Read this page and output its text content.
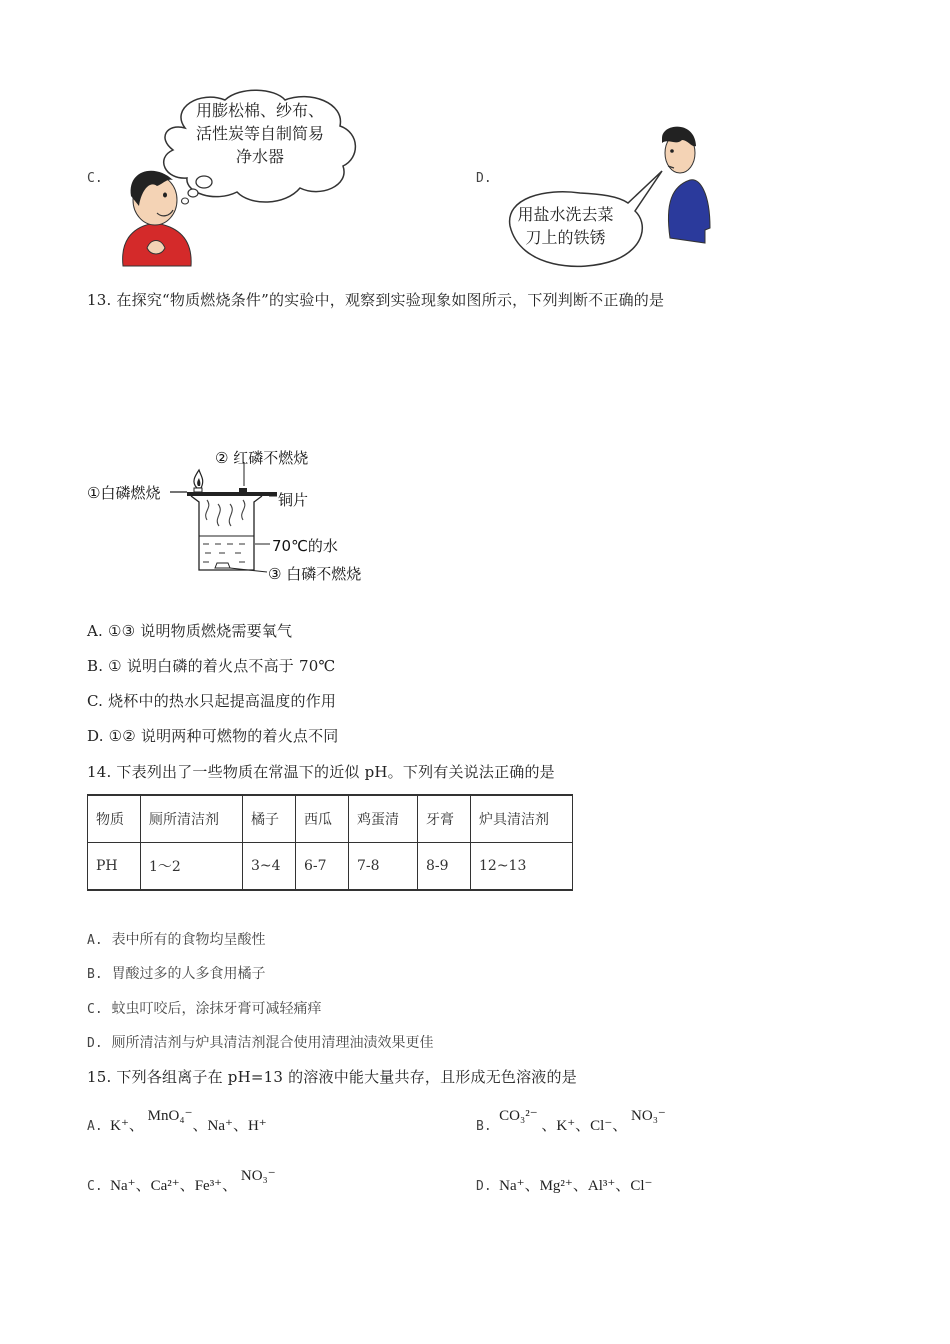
C.
用膨松棉、纱布、
活性炭等自制简易
净水器
D.
用盐水洗去菜
刀上的铁锈
13. 在探究“物质燃烧条件”的实验中，观察到实验现象如图所示，下列判断不正确的是
①白磷燃烧
② 红磷不燃烧
铜片
70℃的水
③ 白磷不燃烧
A. ①③ 说明物质燃烧需要氧气
B. ① 说明白磷的着火点不高于 70℃
C. 烧杯中的热水只起提高温度的作用
D. ①② 说明两种可燃物的着火点不同
14. 下表列出了一些物质在常温下的近似 pH。下列有关说法正确的是
物质	厕所清洁剂	橘子	西瓜	鸡蛋清	牙膏	炉具清洁剂
PH	1～2	3~4	6-7	7-8	8-9	12~13
A. 表中所有的食物均呈酸性
B. 胃酸过多的人多食用橘子
C. 蚊虫叮咬后，涂抹牙膏可减轻痛痒
D. 厕所清洁剂与炉具清洁剂混合使用清理油渍效果更佳
15. 下列各组离子在 pH=13 的溶液中能大量共存，且形成无色溶液的是
A. K⁺、 MnO₄⁻、Na⁺、H⁺	B.  CO₃²⁻ 、K⁺、Cl⁻、 NO₃⁻
C. Na⁺、Ca²⁺、Fe³⁺、 NO₃⁻
D. Na⁺、Mg²⁺、Al³⁺、Cl⁻
